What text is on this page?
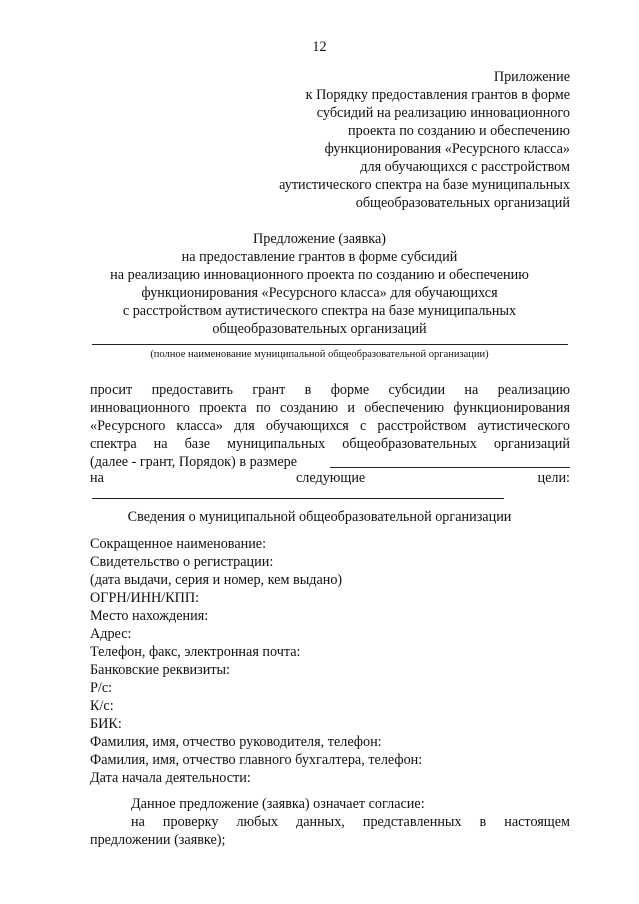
12
Приложение
к Порядку предоставления грантов в форме
субсидий на реализацию инновационного
проекта по созданию и обеспечению
функционирования «Ресурсного класса»
для обучающихся с расстройством
аутистического спектра на базе муниципальных
общеобразовательных организаций
Предложение (заявка)
на предоставление грантов в форме субсидий
на реализацию инновационного проекта по созданию и обеспечению
функционирования «Ресурсного класса» для обучающихся
с расстройством аутистического спектра на базе муниципальных
общеобразовательных организаций
(полное наименование муниципальной общеобразовательной организации)
просит предоставить грант в форме субсидии на реализацию
инновационного проекта по созданию и обеспечению функционирования
«Ресурсного класса» для обучающихся с расстройством аутистического
спектра на базе муниципальных общеобразовательных организаций
(далее - грант, Порядок) в размере
на	следующие	цели:
Сведения о муниципальной общеобразовательной организации
Сокращенное наименование:
Свидетельство о регистрации:
(дата выдачи, серия и номер, кем выдано)
ОГРН/ИНН/КПП:
Место нахождения:
Адрес:
Телефон, факс, электронная почта:
Банковские реквизиты:
Р/с:
К/с:
БИК:
Фамилия, имя, отчество руководителя, телефон:
Фамилия, имя, отчество главного бухгалтера, телефон:
Дата начала деятельности:
Данное предложение (заявка) означает согласие:
на проверку любых данных, представленных в настоящем
предложении (заявке);
